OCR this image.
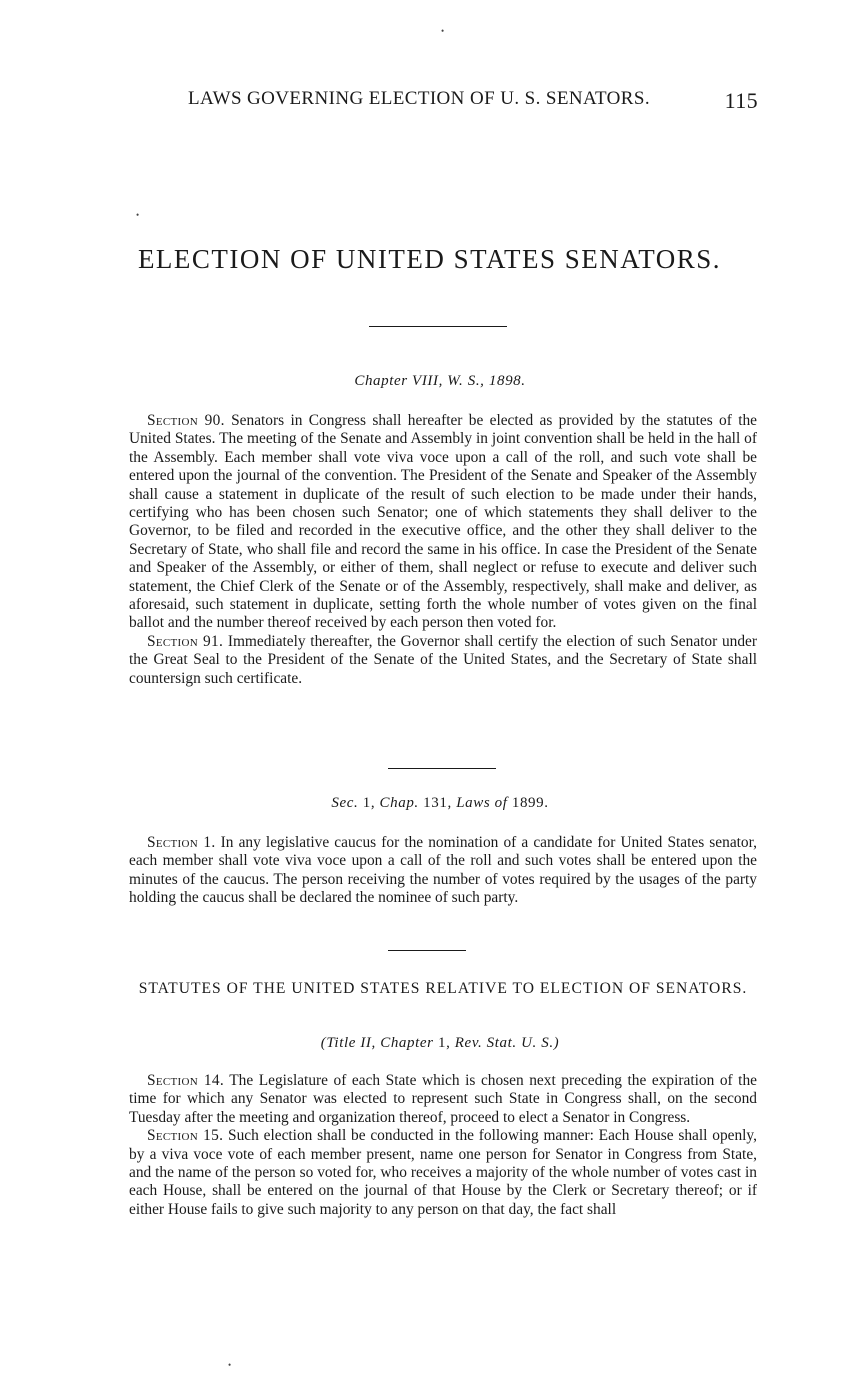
LAWS GOVERNING ELECTION OF U. S. SENATORS.	115
ELECTION OF UNITED STATES SENATORS.
Chapter VIII, W. S., 1898.

Section 90. Senators in Congress shall hereafter be elected as provided by the statutes of the United States. The meeting of the Senate and Assembly in joint convention shall be held in the hall of the Assembly. Each member shall vote viva voce upon a call of the roll, and such vote shall be entered upon the journal of the convention. The President of the Senate and Speaker of the Assembly shall cause a statement in duplicate of the result of such election to be made under their hands, certifying who has been chosen such Senator; one of which statements they shall deliver to the Governor, to be filed and recorded in the executive office, and the other they shall deliver to the Secretary of State, who shall file and record the same in his office. In case the President of the Senate and Speaker of the Assembly, or either of them, shall neglect or refuse to execute and deliver such statement, the Chief Clerk of the Senate or of the Assembly, respectively, shall make and deliver, as aforesaid, such statement in duplicate, setting forth the whole number of votes given on the final ballot and the number thereof received by each person then voted for.

Section 91. Immediately thereafter, the Governor shall certify the election of such Senator under the Great Seal to the President of the Senate of the United States, and the Secretary of State shall countersign such certificate.

Sec. 1, Chap. 131, Laws of 1899.

Section 1. In any legislative caucus for the nomination of a candidate for United States senator, each member shall vote viva voce upon a call of the roll and such votes shall be entered upon the minutes of the caucus. The person receiving the number of votes required by the usages of the party holding the caucus shall be declared the nominee of such party.

STATUTES OF THE UNITED STATES RELATIVE TO ELECTION OF SENATORS.
(Title II, Chapter 1, Rev. Stat. U. S.)

Section 14. The Legislature of each State which is chosen next preceding the expiration of the time for which any Senator was elected to represent such State in Congress shall, on the second Tuesday after the meeting and organization thereof, proceed to elect a Senator in Congress.

Section 15. Such election shall be conducted in the following manner: Each House shall openly, by a viva voce vote of each member present, name one person for Senator in Congress from State, and the name of the person so voted for, who receives a majority of the whole number of votes cast in each House, shall be entered on the journal of that House by the Clerk or Secretary thereof; or if either House fails to give such majority to any person on that day, the fact shall

•
•
•
